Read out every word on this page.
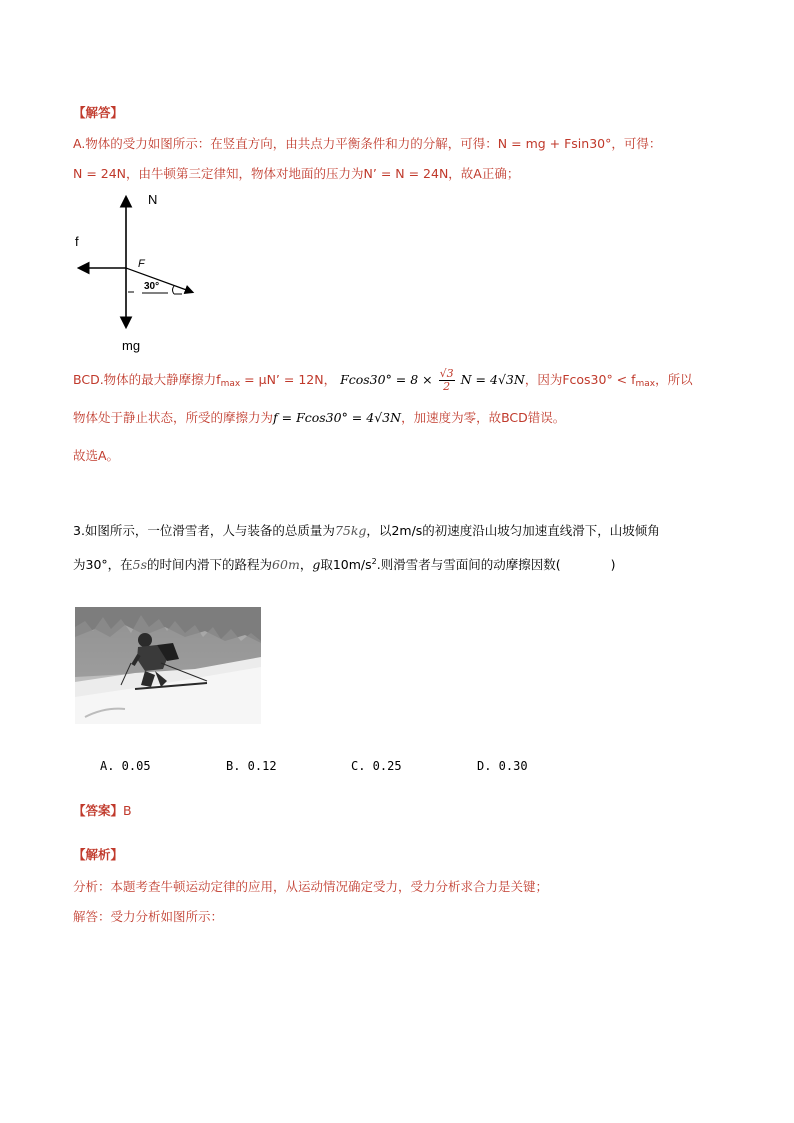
【解答】
A.物体的受力如图所示：在竖直方向，由共点力平衡条件和力的分解，可得：N = mg + Fsin30°，可得：
N = 24N，由牛顿第三定律知，物体对地面的压力为N’ = N = 24N，故A正确；
N
f
F
30°
mg
BCD.物体的最大静摩擦力$f_{max} = \mu N$’ = 12N， $Fcos30^\circ = 8 \times \frac{√3}{2}$ N = 4√3N，因为$Fcos30^\circ < f_{max}$，所以
物体处于静止状态，所受的摩擦力为f = Fcos30° = 4√3N，加速度为零，故BCD错误。
故选A。
3.如图所示，一位滑雪者，人与装备的总质量为75kg，以2m/s的初速度沿山坡匀加速直线滑下，山坡倾角
为30°，在5s的时间内滑下的路程为60m，g取$10m/s^2$.则滑雪者与雪面间的动摩擦因数(　　　　)
A. 0.05	B. 0.12	C. 0.25	D. 0.30
【答案】B
【解析】
分析：本题考查牛顿运动定律的应用，从运动情况确定受力，受力分析求合力是关键；
解答：受力分析如图所示：
